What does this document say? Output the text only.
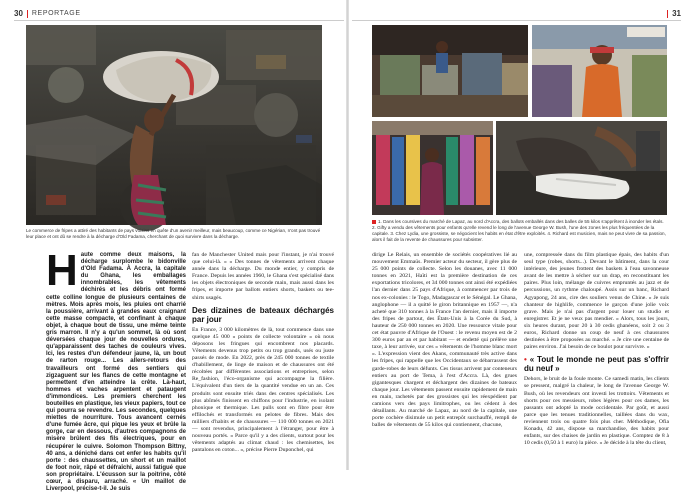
30 REPORTAGE	31
Le commerce de fripes a attiré des habitants de pays voisins en quête d'un avenir meilleur, mais beaucoup, comme ce Nigérian, n'ont pas trouvé leur place et ont dû se rendre à la décharge d'Old Fadama, cherchant de quoi survivre dans la décharge.
1. Dans les coursives du marché de Lapaz, au nord d'Accra, des ballots emballés dans des balles de 55 kilos s'apprêtent à inonder les étals. 2. Gifty a vendu des vêtements pour enfants qu'elle revend le long de l'avenue George W. Bush, l'une des zones les plus fréquentées de la capitale. 3. Chez Lydia, une grossiste, se négocient les habits en état d'être exploités. 4. Richard est musicien, mais ne peut vivre de sa passion, alors il fait de la revente de chaussures pour subsister.
H aute comme deux maisons, la décharge surplombe le bidonville d'Old Fadama. À Accra, la capitale du Ghana, les emballages innombrables, les vêtements déchirés et les débris ont formé cette colline longue de plusieurs centaines de mètres. Mois après mois, les pluies ont charrié la poussière, arrivant à grandes eaux craignant cette masse compacte, et confinant à chaque objet, à chaque bout de tissu, une même teinte gris marron. Il n'y a qu'un sommet, là où sont déversées chaque jour de nouvelles ordures, qu'apparaissent des taches de couleurs vives. Ici, les restes d'un défendeur jaune, là, un bout de rarton rouge... Les allers-retours des travailleurs ont formé des sentiers qui zigzaguent sur les flancs de cette montagne et permettent d'en atteindre la crête. Là-haut, hommes et vaches arpentent et pataugent d'immondices. Les premiers cherchent les bouteilles en plastique, les vieux papiers, tout ce qui pourra se revendre. Les secondes, quelques miettes de nourriture. Tous avancent cernés d'une fumée âcre, qui pique les yeux et brûle la gorge, car en dessous, d'autres compagnons de misère brûlent des fils électriques, pour en récupérer le cuivre. Solomon Thompson Bittny, 40 ans, a déniché dans cet enfer les habits qu'il porte : des chaussettes, un short et un maillot de foot noir, râpé et défraîchi, aussi fatigué que son propriétaire. L'écusson sur la poitrine, côté cœur, a disparu, arraché. « Un maillot de Liverpool, précise-t-il. Je suis

fan de Manchester United mais pour l'instant, je n'ai trouvé que celui-là. » « Des tonnes de vêtements arrivent chaque année dans la décharge. Du monde entier, y compris de France. Depuis les années 1960, le Ghana s'est spécialisé dans les objets électroniques de seconde main, mais aussi dans les fripes, et importe par ballots entiers shorts, baskets ou tee-shirts usagés.

Des dizaines de bateaux déchargés par jour

En France, 3 000 kilomètres de là, tout commence dans une quelque 45 000 « points de collecte volontaire » où nous déposons les fringues qui encombrent nos placards. Vêtements devenus trop petits ou trop grands, usés ou juste passés de mode. En 2022, près de 245 000 tonnes de textile d'habillement, de linge de maison et de chaussures ont été récoltées par différentes associations et entreprises, selon Re_fashion, l'éco-organisme qui accompagne la filière. L'équivalent d'un tiers de la quantité vendue en un an. Ces produits sont ensuite triés dans des centres spécialisés. Les plus abîmés finissent en chiffons pour l'industrie, en isolant phonique et thermique. Les pulls sont en fibre pour être effilochés et transformés en pelotes de fibres. Mais des milliers d'habits et de chaussures — 110 000 tonnes en 2021 — sont revendus, principalement à l'étranger, pour être à nouveau portés. « Parce qu'il y a des clients, surtout pour les vêtements adaptés au climat chaud : les chemisettes, les pantalons en coton... », précise Pierre Duponchel, qui

dirige Le Relais, un ensemble de sociétés coopératives lié au mouvement Emmaüs. Premier acteur du secteur, il gère plus de 25 000 points de collecte. Selon les douanes, avec 11 000 tonnes en 2021, Haïti est la première destination de ces exportations tricolores, et 34 000 tonnes ont ainsi été expédiées l'an dernier dans 25 pays d'Afrique, à commencer par trois de nos ex-colonies : le Togo, Madagascar et le Sénégal. Le Ghana, anglophone — il a quitté le giron britannique en 1957 —, n'a acheté que 310 tonnes à la France l'an dernier, mais il importe des fripes de partout, des États-Unis à la Corée du Sud, à hauteur de 250 000 tonnes en 2020. Une ressource vitale pour cet état pauvre d'Afrique de l'Ouest : le revenu moyen est de 2 300 euros par an et par habitant — et endetté qui prélève une taxe, à leur arrivée, sur ces « vêtements de l'homme blanc mort ». L'expression vient des Akans, communauté très active dans les fripes, qui rappelle que les Occidentaux se débarrassent des garde-robes de leurs défunts. Ces tissus arrivent par conteneurs entiers au port de Tema, à l'est d'Accra. Là, des grues gigantesques chargent et déchargent des dizaines de bateaux chaque jour. Les vêtements passent ensuite rapidement de main en main, rachetés par des grossistes qui les réexpédient par camions vers des pays limitrophes, ou les cèdent à des détaillants. Au marché de Lapaz, au nord de la capitale, une porte cochère disimule un petit entrepôt surchauffé, rempli de balles de vêtements de 55 kilos qui contiennent, chacune,

une, compressée dans du film plastique épais, des habits d'un seul type (robes, shorts...). Devant le bâtiment, dans la cour intérieure, des jeunes frottent des baskets à l'eau savonneuse avant de les mettre à sécher sur un drap, en reconstituant les paires. Plus loin, mélange de cuivres empruntés au jazz et de percussions, un rythme chaloupé. Assis sur un banc, Richard Agyapong, 24 ans, cire des souliers venus de Chine. « Je suis chanteur de highlife, commence le garçon d'une jolie voix grave. Mais je n'ai pas d'argent pour louer un studio et enregistrer. Et je ne veux pas mendier. » Alors, tous les jours, six heures durant, pour 20 à 30 cedis ghanéens, soit 2 ou 3 euros, Richard donne un coup de neuf à ces chaussures destinées à être proposées au marché. « Je cire une centaine de paires environ. J'ai besoin de ce boulot pour survivre. »

• « Tout le monde ne peut pas s'offrir du neuf »

Dehors, le bruit de la foule monte. Ce samedi matin, les clients se pressent, malgré la chaleur, le long de l'avenue George W. Bush, où les revendeurs ont investi les trottoirs. Vêtements et shorts pour ces messieurs, robes légères pour ces dames, les passants ont adopté la mode occidentale. Par goût, et aussi parce que les tenues traditionnelles, taillées dans du wax, reviennent trois ou quatre fois plus cher. Méthodique, Ofia Konadu, 42 ans, dispose sa marchandise, des habits pour enfants, sur des chaises de jardin en plastique. Comptez de 8 à 10 cedis (0,50 à 1 euro) la pièce. « Je décide à la tête du client,
